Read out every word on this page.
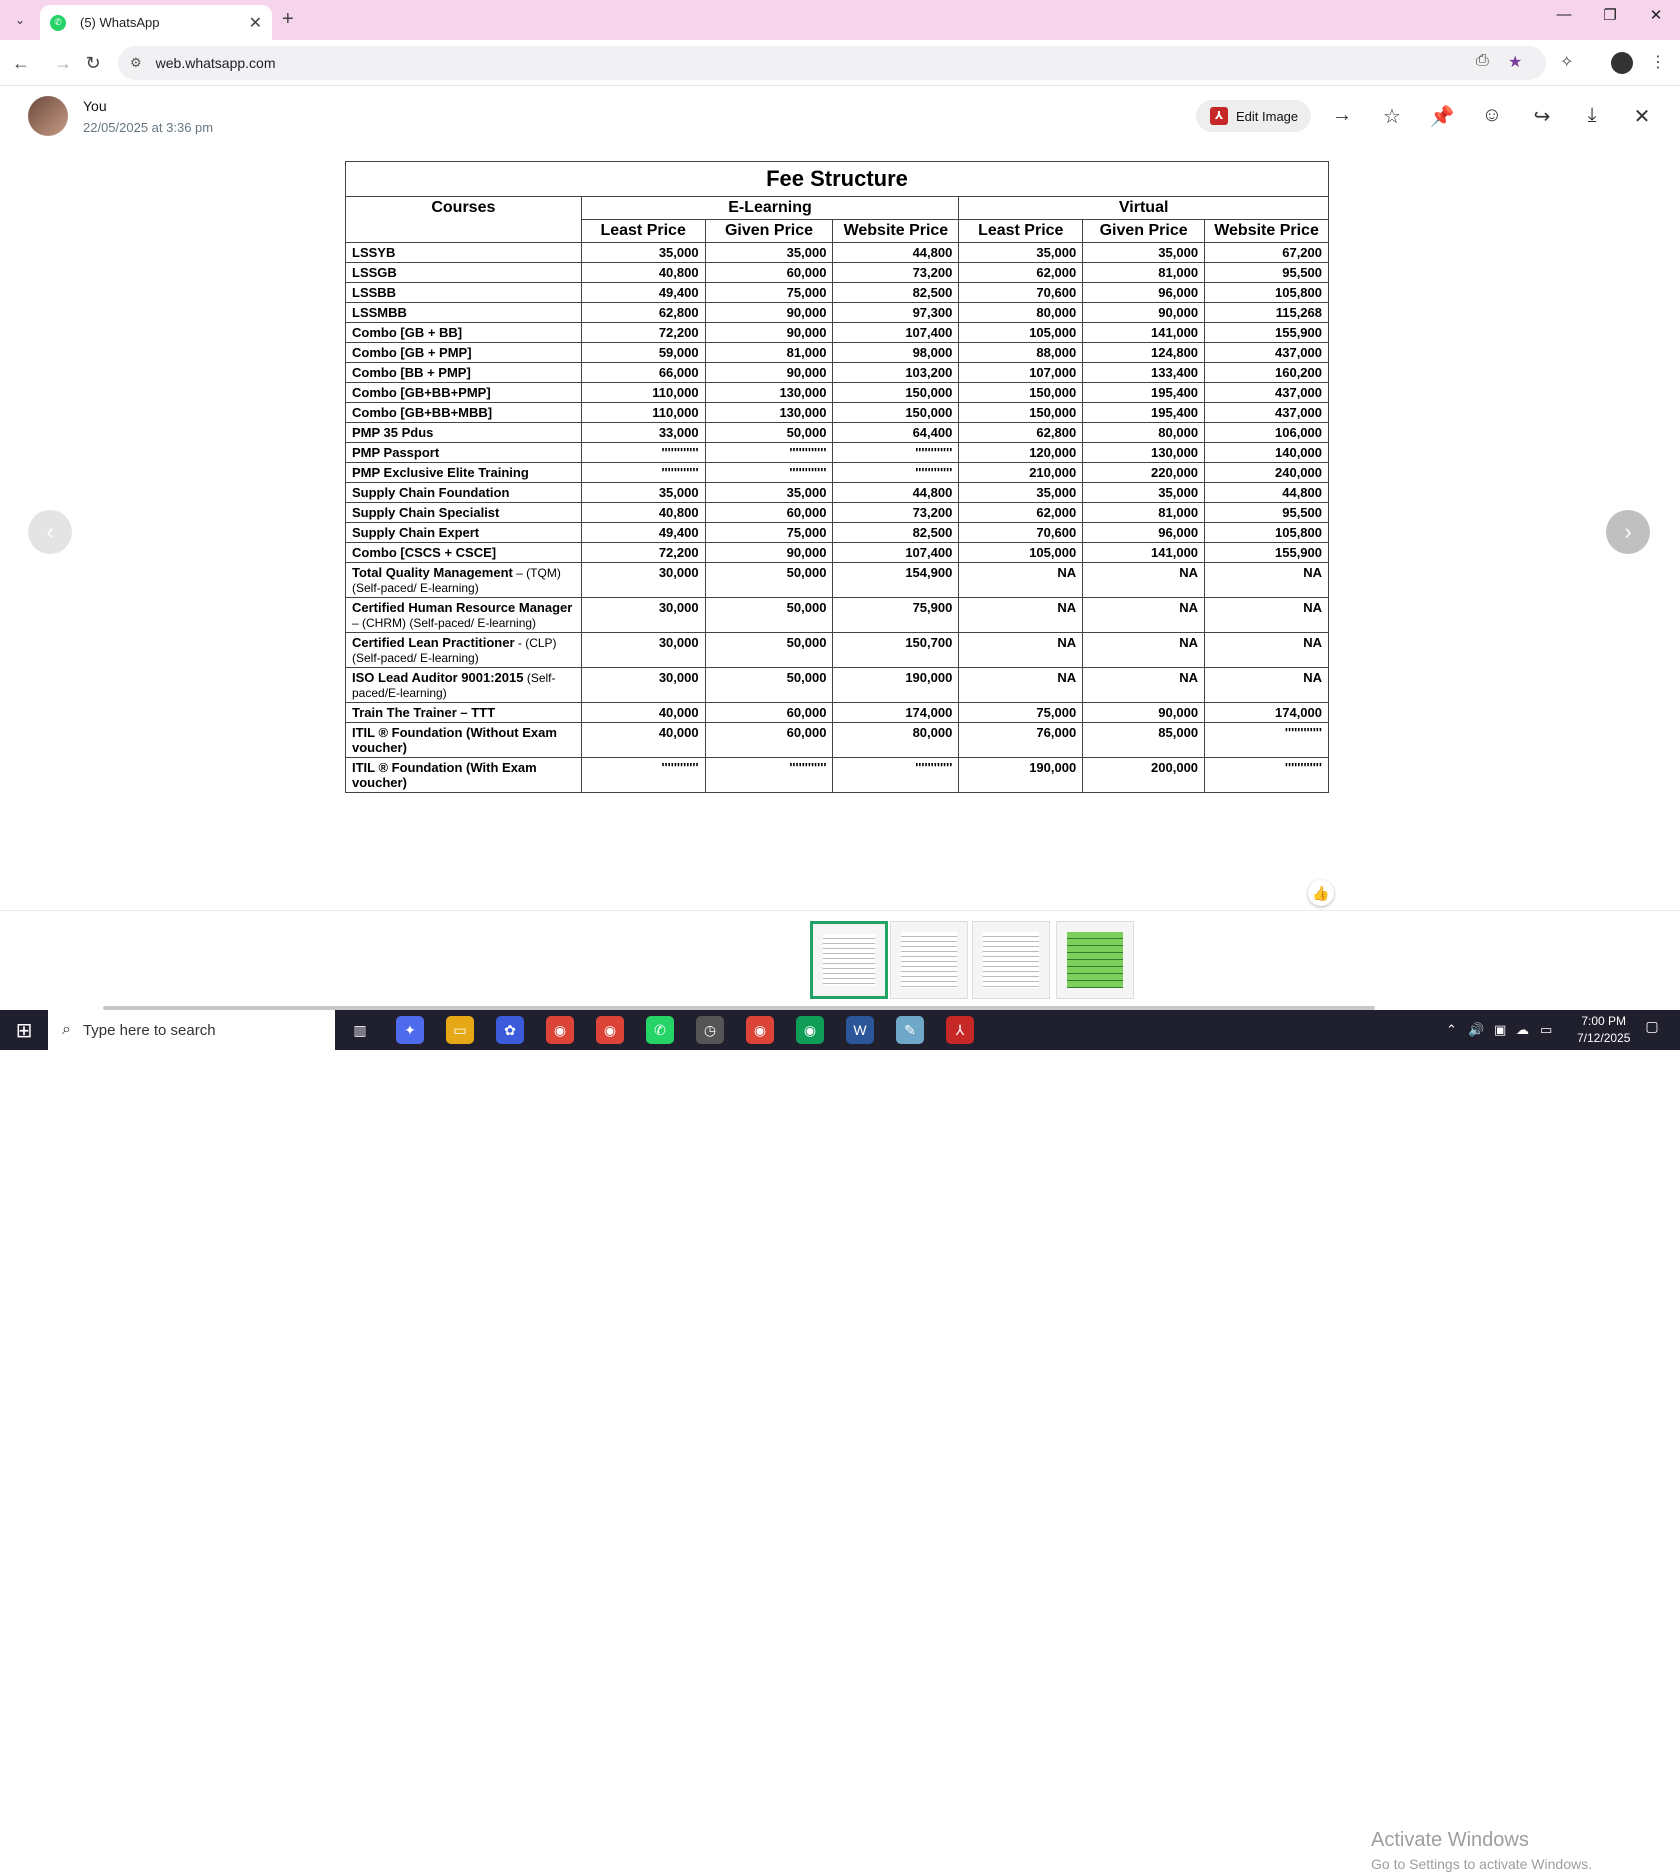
⌄	✆ (5) WhatsApp	✕ +	—	❐	✕
← → ↻	⚙ web.whatsapp.com	⎙ ★ ✧	⋮
You
22/05/2025 at 3:36 pm
⅄ Edit Image → ☆ 📌 ☺ ↪	⤓	✕
Fee Structure						
Courses	E-Learning			Virtual		
	Least Price	Given Price	Website Price	Least Price	Given Price	Website Price
LSSYB	35,000	35,000	44,800	35,000	35,000	67,200
LSSGB	40,800	60,000	73,200	62,000	81,000	95,500
LSSBB	49,400	75,000	82,500	70,600	96,000	105,800
LSSMBB	62,800	90,000	97,300	80,000	90,000	115,268
Combo [GB + BB]	72,200	90,000	107,400	105,000	141,000	155,900
Combo [GB + PMP]	59,000	81,000	98,000	88,000	124,800	437,000
Combo [BB + PMP]	66,000	90,000	103,200	107,000	133,400	160,200
Combo [GB+BB+PMP]	110,000	130,000	150,000	150,000	195,400	437,000
Combo [GB+BB+MBB]	110,000	130,000	150,000	150,000	195,400	437,000
PMP 35 Pdus	33,000	50,000	64,400	62,800	80,000	106,000
PMP Passport	''''''''''''	''''''''''''	''''''''''''	120,000	130,000	140,000
PMP Exclusive Elite Training	''''''''''''	''''''''''''	''''''''''''	210,000	220,000	240,000
Supply Chain Foundation	35,000	35,000	44,800	35,000	35,000	44,800
Supply Chain Specialist	40,800	60,000	73,200	62,000	81,000	95,500
Supply Chain Expert	49,400	75,000	82,500	70,600	96,000	105,800
Combo [CSCS + CSCE]	72,200	90,000	107,400	105,000	141,000	155,900
Total Quality Management – (TQM) (Self-paced/ E-learning)	30,000	50,000	154,900	NA	NA	NA
Certified Human Resource Manager – (CHRM) (Self-paced/ E-learning)	30,000	50,000	75,900	NA	NA	NA
Certified Lean Practitioner - (CLP) (Self-paced/ E-learning)	30,000	50,000	150,700	NA	NA	NA
ISO Lead Auditor 9001:2015 (Self-paced/E-learning)	30,000	50,000	190,000	NA	NA	NA
Train The Trainer – TTT	40,000	60,000	174,000	75,000	90,000	174,000
ITIL ® Foundation (Without Exam voucher)	40,000	60,000	80,000	76,000	85,000	''''''''''''
ITIL ® Foundation (With Exam voucher)	''''''''''''	''''''''''''	''''''''''''	190,000	200,000	''''''''''''
‹	›
👍
Activate Windows
Go to Settings to activate Windows.
⊞	⌕ Type here to search	▥	✦	▭	✿	◉	◉	✆	◷	◉	◉	W	✎	⅄	⌃ 🔊 ▣ ☁ ▭
7:00 PM
7/12/2025
▢
